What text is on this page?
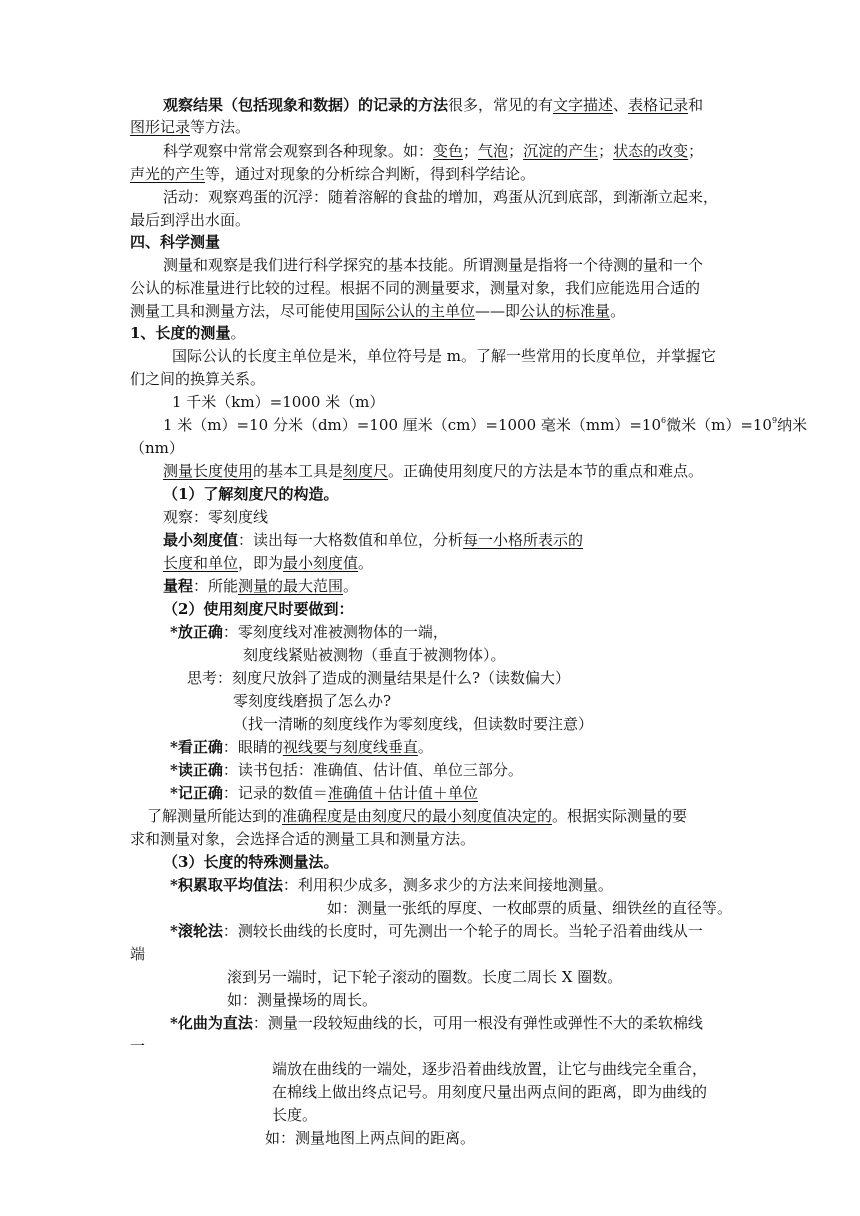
观察结果（包括现象和数据）的记录的方法很多，常见的有文字描述、表格记录和
图形记录等方法。
科学观察中常常会观察到各种现象。如：变色；气泡；沉淀的产生；状态的改变；
声光的产生等，通过对现象的分析综合判断，得到科学结论。
活动：观察鸡蛋的沉浮：随着溶解的食盐的增加，鸡蛋从沉到底部，到渐渐立起来，
最后到浮出水面。
四、科学测量
测量和观察是我们进行科学探究的基本技能。所谓测量是指将一个待测的量和一个
公认的标准量进行比较的过程。根据不同的测量要求，测量对象，我们应能选用合适的
测量工具和测量方法，尽可能使用国际公认的主单位——即公认的标准量。
1、长度的测量。
国际公认的长度主单位是米，单位符号是 m。了解一些常用的长度单位，并掌握它
们之间的换算关系。
1 千米（km）=1000 米（m）
1 米（m）=10 分米（dm）=100 厘米（cm）=1000 毫米$(mm)=10^6$微米$(m)=10^9$纳米
（nm）
测量长度使用的基本工具是刻度尺。正确使用刻度尺的方法是本节的重点和难点。
（1）了解刻度尺的构造。
观察：零刻度线
最小刻度值：读出每一大格数值和单位，分析每一小格所表示的
长度和单位，即为最小刻度值。
量程：所能测量的最大范围。
（2）使用刻度尺时要做到：
*放正确：零刻度线对准被测物体的一端，
刻度线紧贴被测物（垂直于被测物体）。
思考：刻度尺放斜了造成的测量结果是什么?（读数偏大）
零刻度线磨损了怎么办?
（找一清晰的刻度线作为零刻度线，但读数时要注意）
*看正确：眼睛的视线要与刻度线垂直。
*读正确：读书包括：准确值、估计值、单位三部分。
*记正确：记录的数值＝准确值＋估计值＋单位
了解测量所能达到的准确程度是由刻度尺的最小刻度值决定的。根据实际测量的要
求和测量对象，会选择合适的测量工具和测量方法。
（3）长度的特殊测量法。
*积累取平均值法：利用积少成多，测多求少的方法来间接地测量。
如：测量一张纸的厚度、一枚邮票的质量、细铁丝的直径等。
*滚轮法：测较长曲线的长度时，可先测出一个轮子的周长。当轮子沿着曲线从一
端
滚到另一端时，记下轮子滚动的圈数。长度二周长 X 圈数。
如：测量操场的周长。
*化曲为直法：测量一段较短曲线的长，可用一根没有弹性或弹性不大的柔软棉线
一
端放在曲线的一端处，逐步沿着曲线放置，让它与曲线完全重合，
在棉线上做出终点记号。用刻度尺量出两点间的距离，即为曲线的
长度。
如：测量地图上两点间的距离。
